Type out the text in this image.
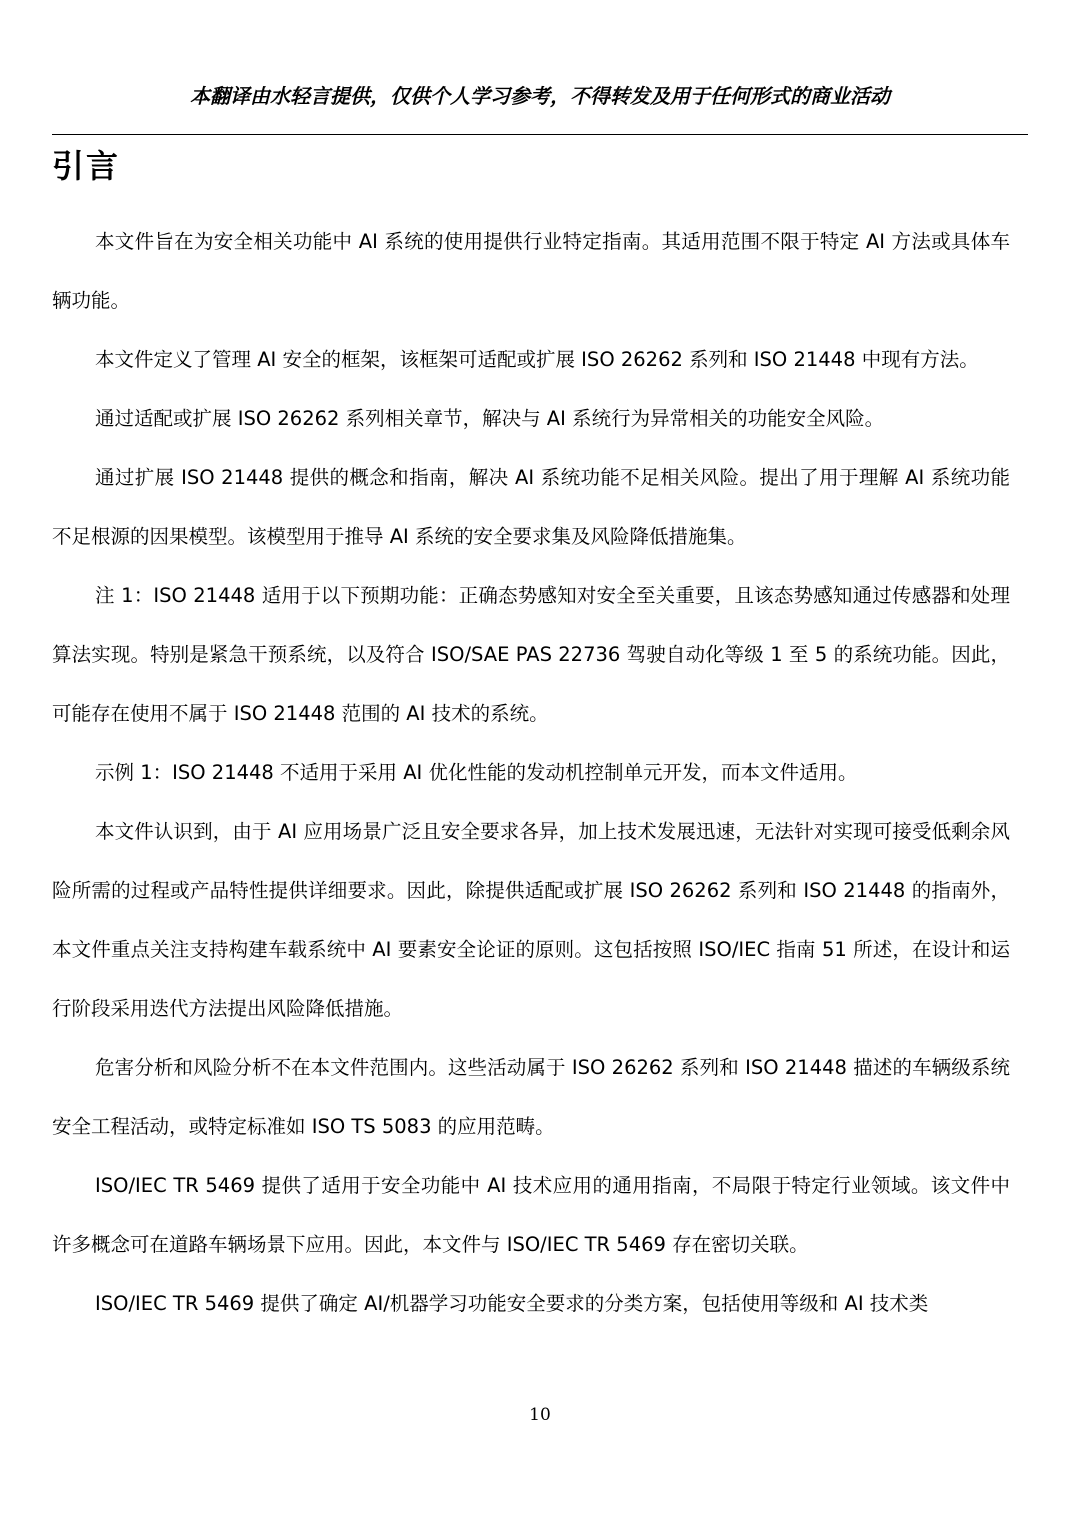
本翻译由水轻言提供，仅供个人学习参考，不得转发及用于任何形式的商业活动
引言

本文件旨在为安全相关功能中 AI 系统的使用提供行业特定指南。其适用范围不限于特定 AI 方法或具体车辆功能。

本文件定义了管理 AI 安全的框架，该框架可适配或扩展 ISO 26262 系列和 ISO 21448 中现有方法。

通过适配或扩展 ISO 26262 系列相关章节，解决与 AI 系统行为异常相关的功能安全风险。

通过扩展 ISO 21448 提供的概念和指南，解决 AI 系统功能不足相关风险。提出了用于理解 AI 系统功能不足根源的因果模型。该模型用于推导 AI 系统的安全要求集及风险降低措施集。

注 1：ISO 21448 适用于以下预期功能：正确态势感知对安全至关重要，且该态势感知通过传感器和处理算法实现。特别是紧急干预系统，以及符合 ISO/SAE PAS 22736 驾驶自动化等级 1 至 5 的系统功能。因此，可能存在使用不属于 ISO 21448 范围的 AI 技术的系统。

示例 1：ISO 21448 不适用于采用 AI 优化性能的发动机控制单元开发，而本文件适用。

本文件认识到，由于 AI 应用场景广泛且安全要求各异，加上技术发展迅速，无法针对实现可接受低剩余风险所需的过程或产品特性提供详细要求。因此，除提供适配或扩展 ISO 26262 系列和 ISO 21448 的指南外，本文件重点关注支持构建车载系统中 AI 要素安全论证的原则。这包括按照 ISO/IEC 指南 51 所述，在设计和运行阶段采用迭代方法提出风险降低措施。

危害分析和风险分析不在本文件范围内。这些活动属于 ISO 26262 系列和 ISO 21448 描述的车辆级系统安全工程活动，或特定标准如 ISO TS 5083 的应用范畴。

ISO/IEC TR 5469 提供了适用于安全功能中 AI 技术应用的通用指南，不局限于特定行业领域。该文件中许多概念可在道路车辆场景下应用。因此，本文件与 ISO/IEC TR 5469 存在密切关联。

ISO/IEC TR 5469 提供了确定 AI/机器学习功能安全要求的分类方案，包括使用等级和 AI 技术类

10
